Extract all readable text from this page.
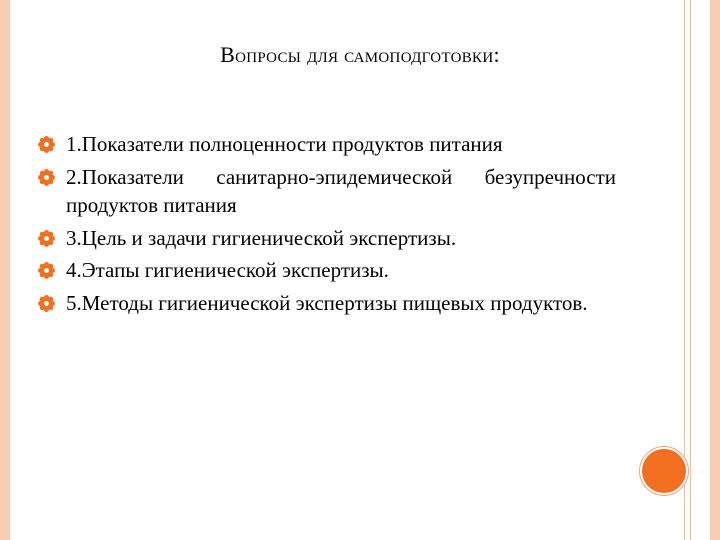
Вопросы для самоподготовки:
1.Показатели полноценности продуктов питания
2.Показатели санитарно-эпидемической безупречности продуктов питания
3.Цель и задачи гигиенической экспертизы.
4.Этапы гигиенической экспертизы.
5.Методы гигиенической экспертизы пищевых продуктов.
